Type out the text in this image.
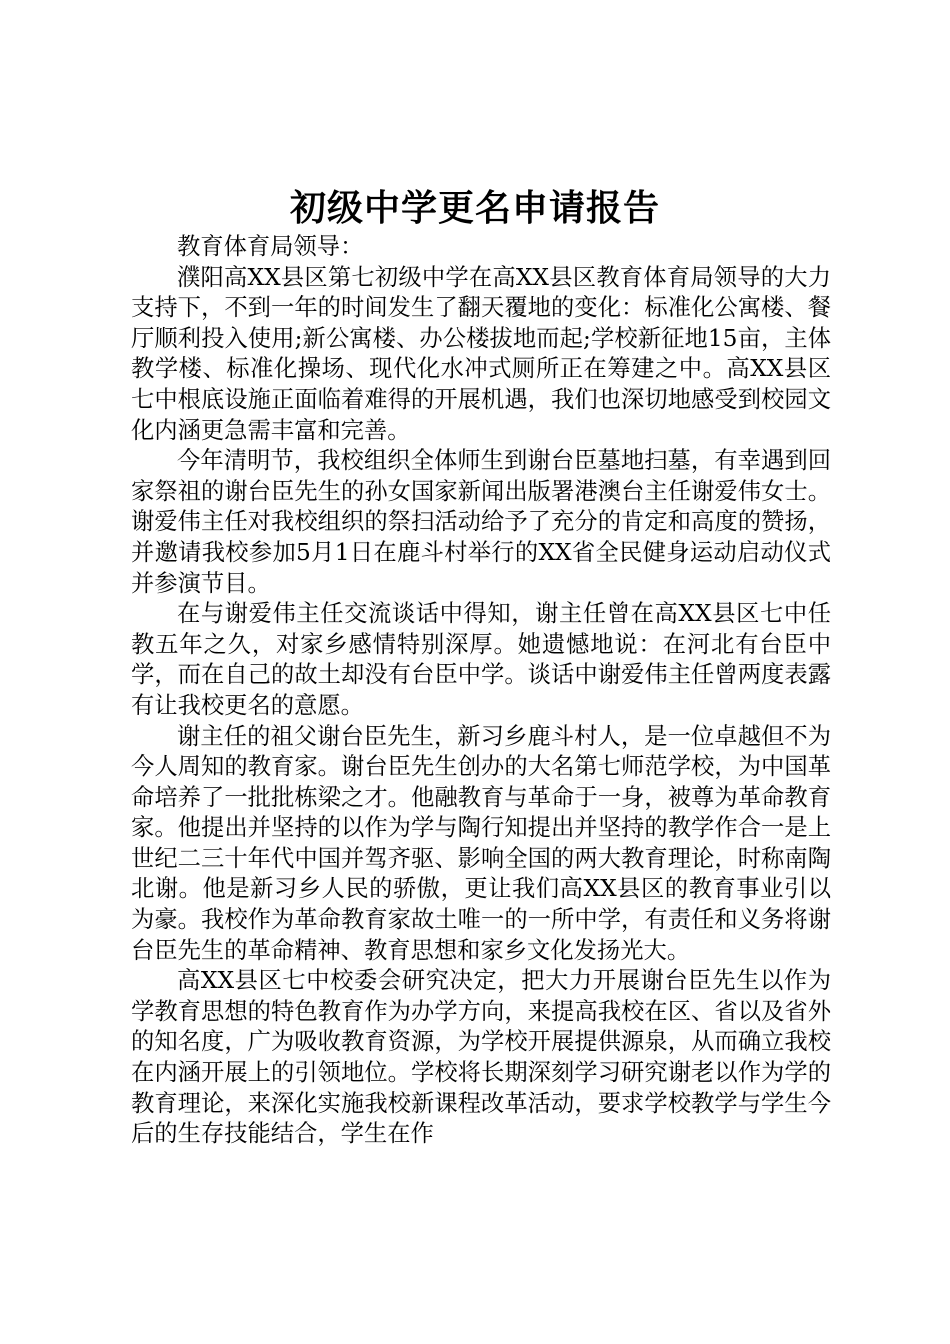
初级中学更名申请报告

教育体育局领导：

濮阳高XX县区第七初级中学在高XX县区教育体育局领导的大力支持下，不到一年的时间发生了翻天覆地的变化：标准化公寓楼、餐厅顺利投入使用;新公寓楼、办公楼拔地而起;学校新征地15亩，主体教学楼、标准化操场、现代化水冲式厕所正在筹建之中。高XX县区七中根底设施正面临着难得的开展机遇，我们也深切地感受到校园文化内涵更急需丰富和完善。

今年清明节，我校组织全体师生到谢台臣墓地扫墓，有幸遇到回家祭祖的谢台臣先生的孙女国家新闻出版署港澳台主任谢爱伟女士。谢爱伟主任对我校组织的祭扫活动给予了充分的肯定和高度的赞扬，并邀请我校参加5月1日在鹿斗村举行的XX省全民健身运动启动仪式并参演节目。

在与谢爱伟主任交流谈话中得知，谢主任曾在高XX县区七中任教五年之久，对家乡感情特别深厚。她遗憾地说：在河北有台臣中学，而在自己的故土却没有台臣中学。谈话中谢爱伟主任曾两度表露有让我校更名的意愿。

谢主任的祖父谢台臣先生，新习乡鹿斗村人，是一位卓越但不为今人周知的教育家。谢台臣先生创办的大名第七师范学校，为中国革命培养了一批批栋梁之才。他融教育与革命于一身，被尊为革命教育家。他提出并坚持的以作为学与陶行知提出并坚持的教学作合一是上世纪二三十年代中国并驾齐驱、影响全国的两大教育理论，时称南陶北谢。他是新习乡人民的骄傲，更让我们高XX县区的教育事业引以为豪。我校作为革命教育家故土唯一的一所中学，有责任和义务将谢台臣先生的革命精神、教育思想和家乡文化发扬光大。

高XX县区七中校委会研究决定，把大力开展谢台臣先生以作为学教育思想的特色教育作为办学方向，来提高我校在区、省以及省外的知名度，广为吸收教育资源，为学校开展提供源泉，从而确立我校在内涵开展上的引领地位。学校将长期深刻学习研究谢老以作为学的教育理论，来深化实施我校新课程改革活动，要求学校教学与学生今后的生存技能结合，学生在作
